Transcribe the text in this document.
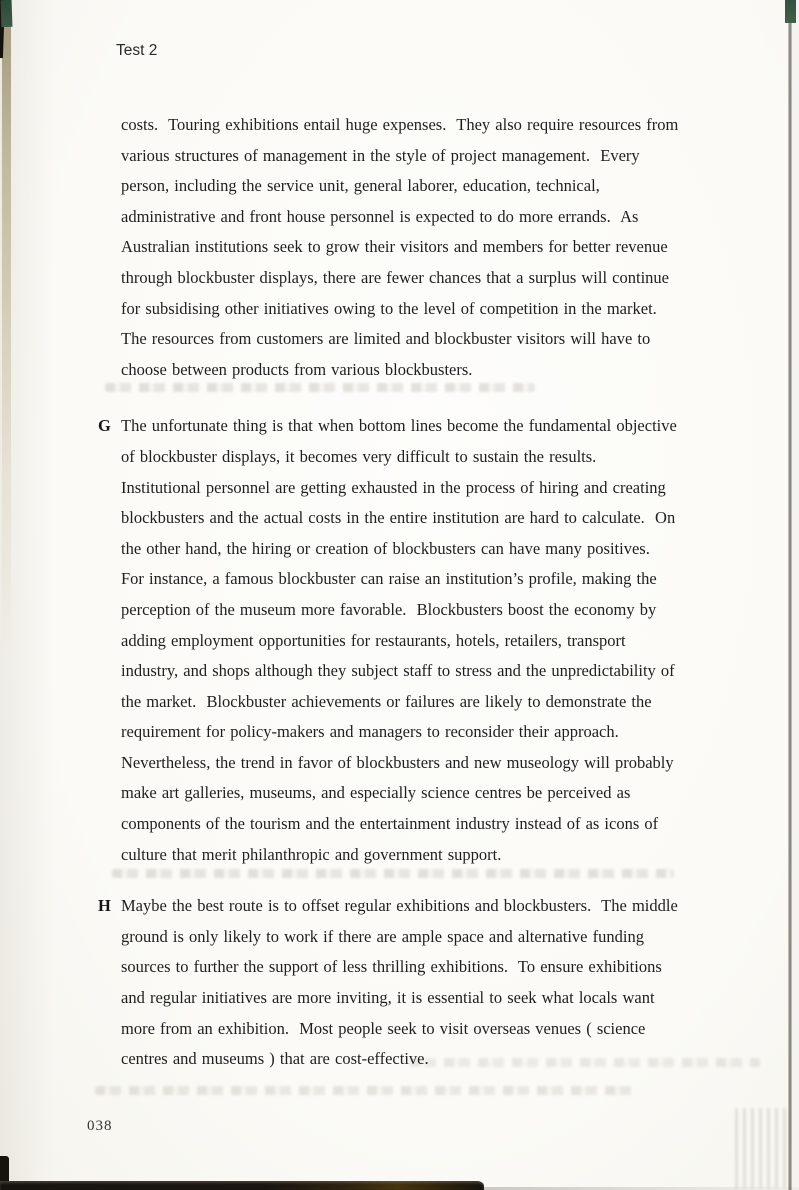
Test 2
costs.  Touring exhibitions entail huge expenses.  They also require resources from
various structures of management in the style of project management.  Every
person, including the service unit, general laborer, education, technical,
administrative and front house personnel is expected to do more errands.  As
Australian institutions seek to grow their visitors and members for better revenue
through blockbuster displays, there are fewer chances that a surplus will continue
for subsidising other initiatives owing to the level of competition in the market.
The resources from customers are limited and blockbuster visitors will have to
choose between products from various blockbusters.
G The unfortunate thing is that when bottom lines become the fundamental objective
of blockbuster displays, it becomes very difficult to sustain the results.
Institutional personnel are getting exhausted in the process of hiring and creating
blockbusters and the actual costs in the entire institution are hard to calculate.  On
the other hand, the hiring or creation of blockbusters can have many positives.
For instance, a famous blockbuster can raise an institution’s profile, making the
perception of the museum more favorable.  Blockbusters boost the economy by
adding employment opportunities for restaurants, hotels, retailers, transport
industry, and shops although they subject staff to stress and the unpredictability of
the market.  Blockbuster achievements or failures are likely to demonstrate the
requirement for policy-makers and managers to reconsider their approach.
Nevertheless, the trend in favor of blockbusters and new museology will probably
make art galleries, museums, and especially science centres be perceived as
components of the tourism and the entertainment industry instead of as icons of
culture that merit philanthropic and government support.
H Maybe the best route is to offset regular exhibitions and blockbusters.  The middle
ground is only likely to work if there are ample space and alternative funding
sources to further the support of less thrilling exhibitions.  To ensure exhibitions
and regular initiatives are more inviting, it is essential to seek what locals want
more from an exhibition.  Most people seek to visit overseas venues ( science
centres and museums ) that are cost-effective.
038
